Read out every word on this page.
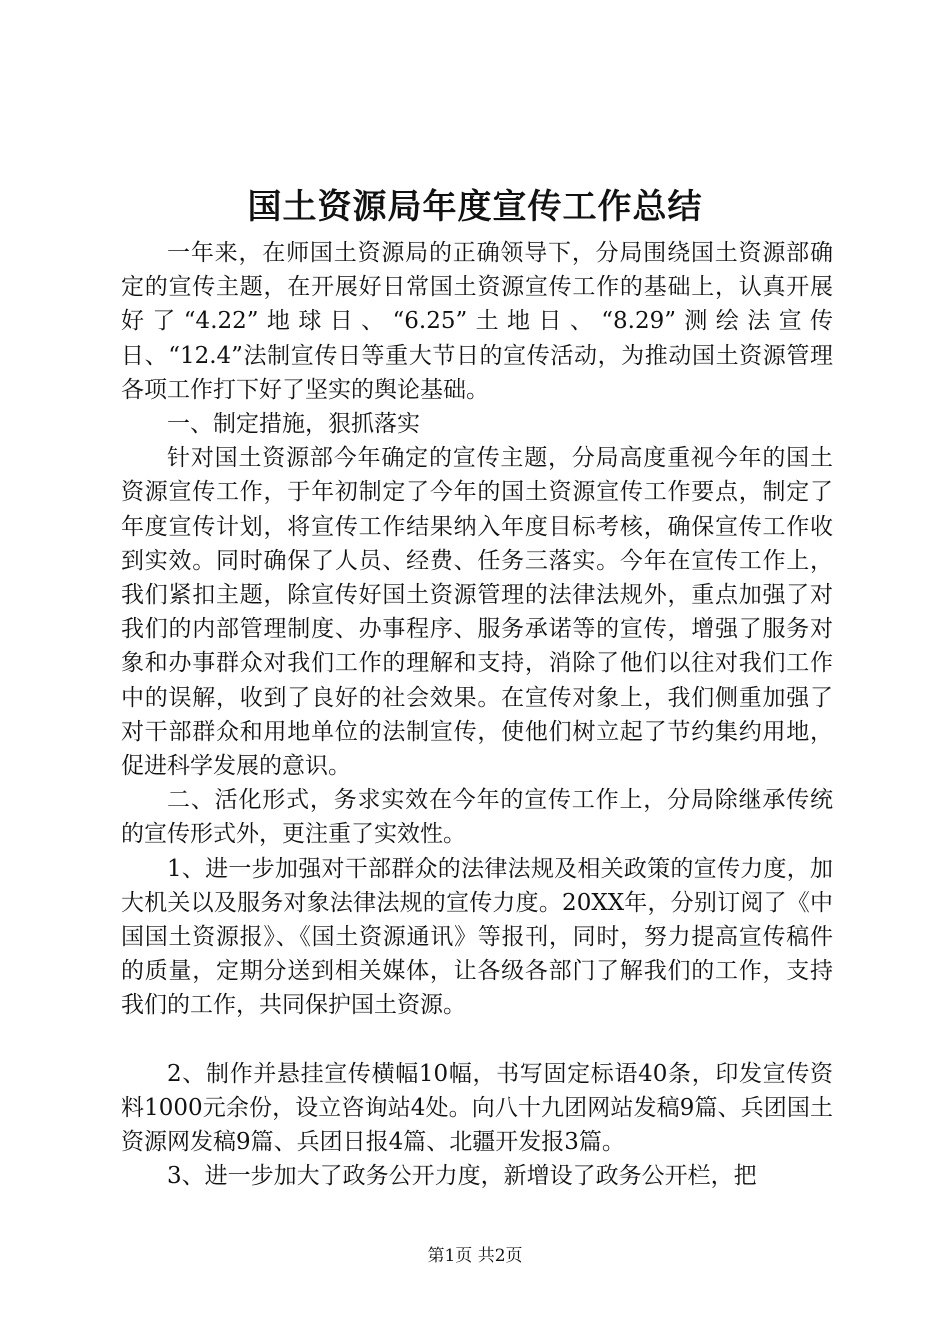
国土资源局年度宣传工作总结

一年来，在师国土资源局的正确领导下，分局围绕国土资源部确定的宣传主题，在开展好日常国土资源宣传工作的基础上，认真开展好了“4.22”地球日、“6.25”土地日、“8.29”测绘法宣传日、“12.4”法制宣传日等重大节日的宣传活动，为推动国土资源管理各项工作打下好了坚实的舆论基础。

一、制定措施，狠抓落实

针对国土资源部今年确定的宣传主题，分局高度重视今年的国土资源宣传工作，于年初制定了今年的国土资源宣传工作要点，制定了年度宣传计划，将宣传工作结果纳入年度目标考核，确保宣传工作收到实效。同时确保了人员、经费、任务三落实。今年在宣传工作上，我们紧扣主题，除宣传好国土资源管理的法律法规外，重点加强了对我们的内部管理制度、办事程序、服务承诺等的宣传，增强了服务对象和办事群众对我们工作的理解和支持，消除了他们以往对我们工作中的误解，收到了良好的社会效果。在宣传对象上，我们侧重加强了对干部群众和用地单位的法制宣传，使他们树立起了节约集约用地，促进科学发展的意识。

二、活化形式，务求实效在今年的宣传工作上，分局除继承传统的宣传形式外，更注重了实效性。

1、进一步加强对干部群众的法律法规及相关政策的宣传力度，加大机关以及服务对象法律法规的宣传力度。20XX年，分别订阅了《中国国土资源报》、《国土资源通讯》等报刊，同时，努力提高宣传稿件的质量，定期分送到相关媒体，让各级各部门了解我们的工作，支持我们的工作，共同保护国土资源。

2、制作并悬挂宣传横幅10幅，书写固定标语40条，印发宣传资料1000元余份，设立咨询站4处。向八十九团网站发稿9篇、兵团国土资源网发稿9篇、兵团日报4篇、北疆开发报3篇。

3、进一步加大了政务公开力度，新增设了政务公开栏，把

第1页 共2页
